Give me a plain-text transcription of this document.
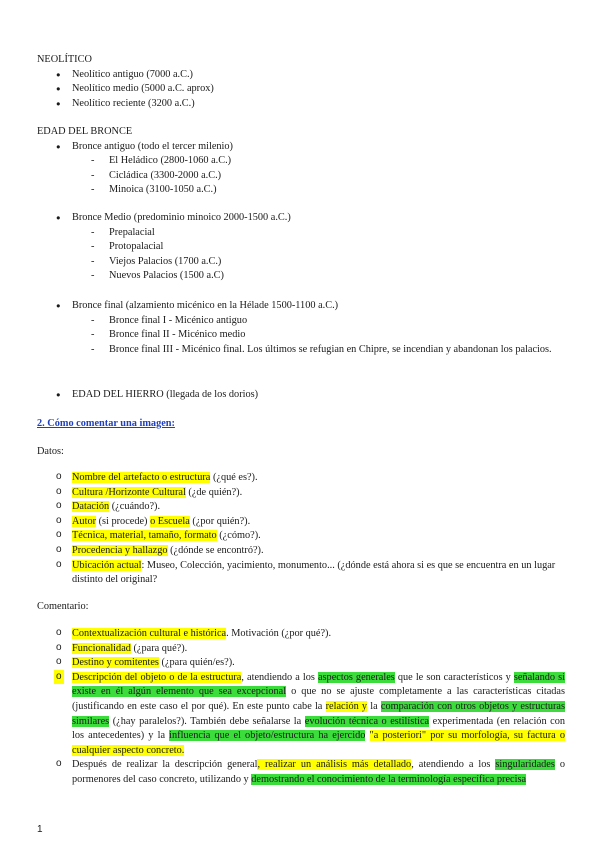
NEOLÍTICO

● Neolítico antiguo (7000 a.C.)
● Neolítico medio (5000 a.C. aprox)
● Neolítico reciente (3200 a.C.)

EDAD DEL BRONCE

● Bronce antiguo (todo el tercer milenio)
- El Heládico (2800-1060 a.C.)
- Cicládica (3300-2000 a.C.)
- Minoica (3100-1050 a.C.)
● Bronce Medio (predominio minoico 2000-1500 a.C.)
- Prepalacial
- Protopalacial
- Viejos Palacios (1700 a.C.)
- Nuevos Palacios (1500 a.C)
● Bronce final (alzamiento micénico en la Hélade 1500-1100 a.C.)
- Bronce final I - Micénico antiguo
- Bronce final II - Micénico medio
- Bronce final III - Micénico final. Los últimos se refugian en Chipre, se incendian y abandonan los palacios.
● EDAD DEL HIERRO (llegada de los dorios)
2. Cómo comentar una imagen:
Datos:
o Nombre del artefacto o estructura (¿qué es?).
o Cultura /Horizonte Cultural (¿de quién?).
o Datación (¿cuándo?).
o Autor (si procede) o Escuela (¿por quién?).
o Técnica, material, tamaño, formato (¿cómo?).
o Procedencia y hallazgo (¿dónde se encontró?).
o Ubicación actual: Museo, Colección, yacimiento, monumento... (¿dónde está ahora si es que se encuentra en un lugar distinto del original?
Comentario:
o Contextualización cultural e histórica. Motivación (¿por qué?).
o Funcionalidad (¿para qué?).
o Destino y comitentes (¿para quién/es?).
o Descripción del objeto o de la estructura, atendiendo a los aspectos generales que le son característicos y señalando si existe en él algún elemento que sea excepcional o que no se ajuste completamente a las características citadas (justificando en este caso el por qué). En este punto cabe la relación y la comparación con otros objetos y estructuras similares (¿hay paralelos?). También debe señalarse la evolución técnica o estilística experimentada (en relación con los antecedentes) y la influencia que el objeto/estructura ha ejercido "a posteriori" por su morfología, su factura o cualquier aspecto concreto.
o Después de realizar la descripción general, realizar un análisis más detallado, atendiendo a los singularidades o pormenores del caso concreto, utilizando y demostrando el conocimiento de la terminología específica precisa
1
